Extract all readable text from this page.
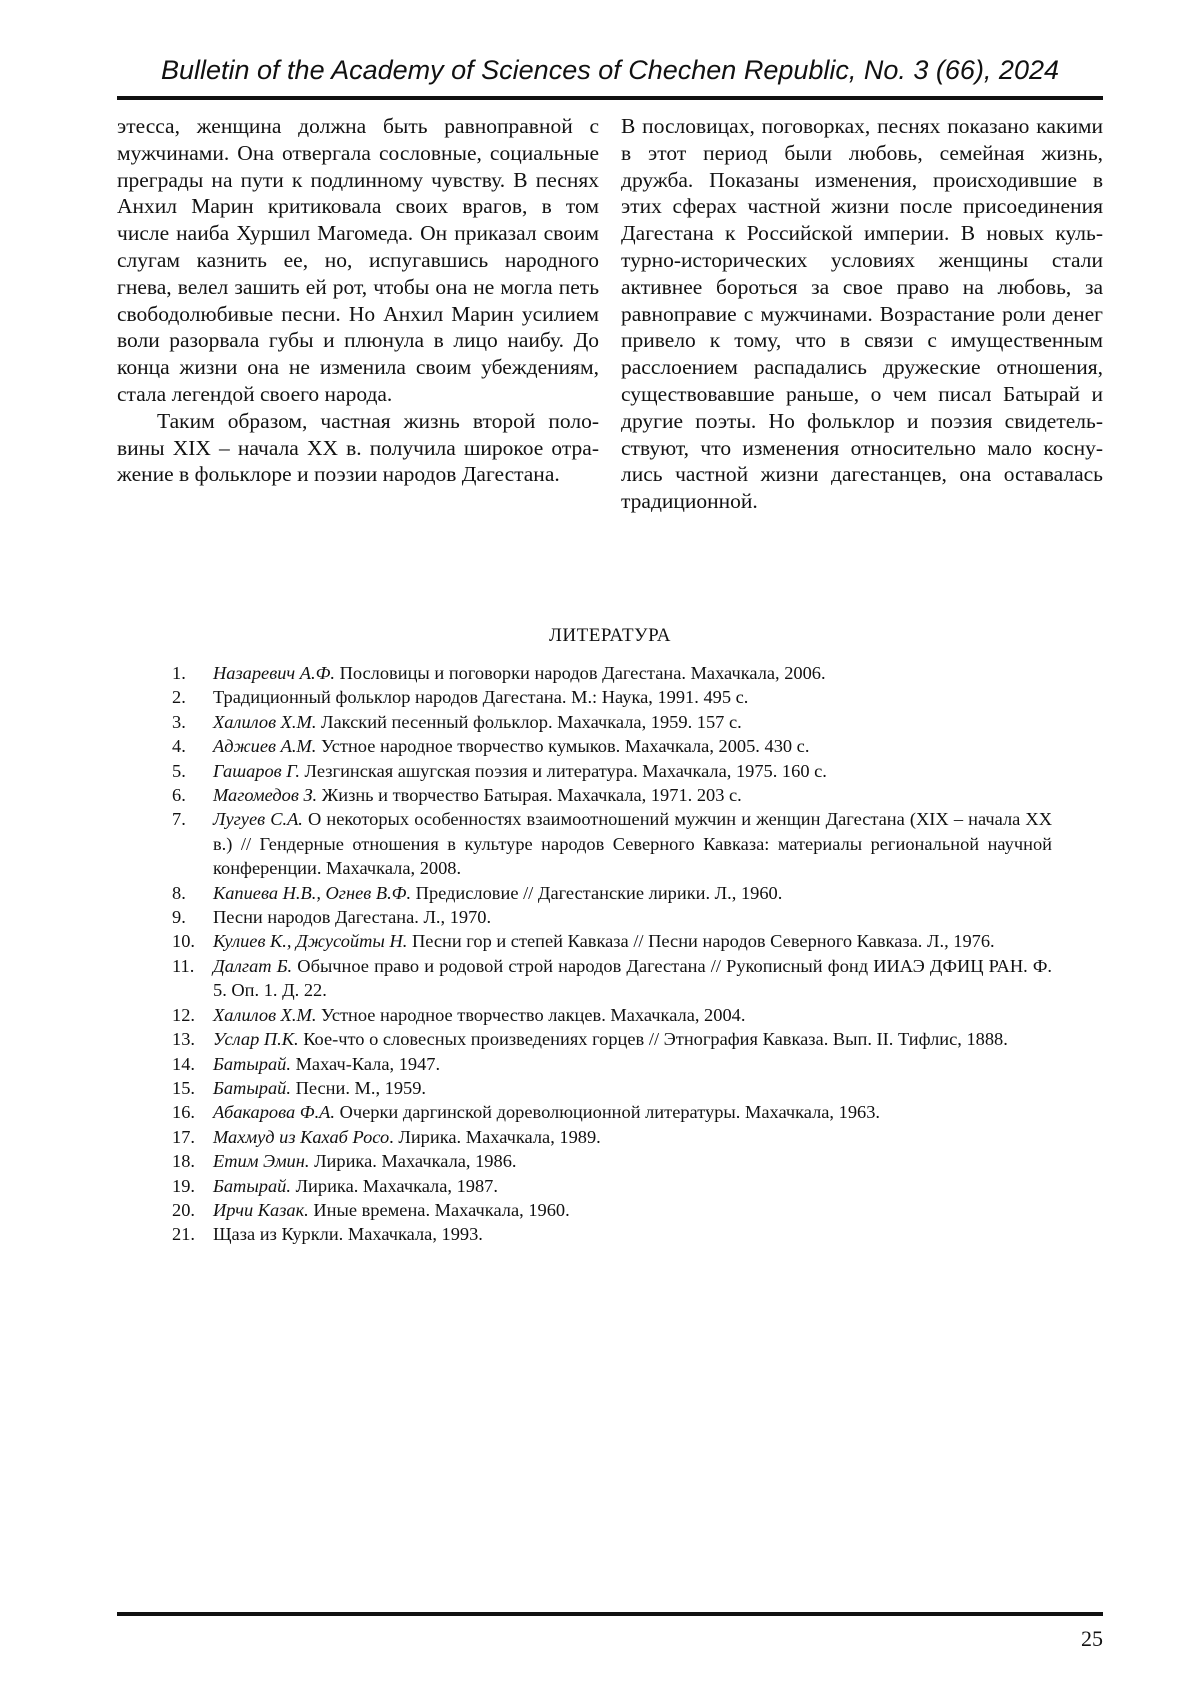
Bulletin of the Academy of Sciences of Chechen Republic, No. 3 (66), 2024

этесса, женщина должна быть равноправной с мужчинами. Она отвергала сословные, социальные преграды на пути к подлинному чувству. В песнях Анхил Марин критиковала своих врагов, в том числе наиба Хуршил Магомеда. Он приказал своим слугам казнить ее, но, испугавшись народного гнева, велел зашить ей рот, чтобы она не могла петь свободолюбивые песни. Но Анхил Марин усилием воли разорвала губы и плюнула в лицо наибу. До конца жизни она не изменила своим убеждениям, стала легендой своего народа.

Таким образом, частная жизнь второй половины XIX – начала XX в. получила широкое отражение в фольклоре и поэзии народов Дагестана.

В пословицах, поговорках, песнях показано какими в этот период были любовь, семейная жизнь, дружба. Показаны изменения, происходившие в этих сферах частной жизни после присоединения Дагестана к Российской империи. В новых культурно-исторических условиях женщины стали активнее бороться за свое право на любовь, за равноправие с мужчинами. Возрастание роли денег привело к тому, что в связи с имущественным расслоением распадались дружеские отношения, существовавшие раньше, о чем писал Батырай и другие поэты. Но фольклор и поэзия свидетельствуют, что изменения относительно мало коснулись частной жизни дагестанцев, она оставалась традиционной.

ЛИТЕРАТУРА
1.	Назаревич А.Ф. Пословицы и поговорки народов Дагестана. Махачкала, 2006.
2.	Традиционный фольклор народов Дагестана. М.: Наука, 1991. 495 с.
3.	Халилов Х.М. Лакский песенный фольклор. Махачкала, 1959. 157 с.
4.	Аджиев А.М. Устное народное творчество кумыков. Махачкала, 2005. 430 с.
5.	Гашаров Г. Лезгинская ашугская поэзия и литература. Махачкала, 1975. 160 с.
6.	Магомедов З. Жизнь и творчество Батырая. Махачкала, 1971. 203 с.
7.	Лугуев С.А. О некоторых особенностях взаимоотношений мужчин и женщин Дагестана (XIX – начала XX в.) // Гендерные отношения в культуре народов Северного Кавказа: материалы региональной научной конференции. Махачкала, 2008.
8.	Капиева Н.В., Огнев В.Ф. Предисловие // Дагестанские лирики. Л., 1960.
9.	Песни народов Дагестана. Л., 1970.
10. Кулиев К., Джусойты Н. Песни гор и степей Кавказа // Песни народов Северного Кавказа. Л., 1976.
11.	Далгат Б. Обычное право и родовой строй народов Дагестана // Рукописный фонд ИИАЭ ДФИЦ РАН. Ф. 5. Оп. 1. Д. 22.
12. Халилов Х.М. Устное народное творчество лакцев. Махачкала, 2004.
13. Услар П.К. Кое-что о словесных произведениях горцев // Этнография Кавказа. Вып. II. Тифлис, 1888.
14. Батырай. Махач-Кала, 1947.
15. Батырай. Песни. М., 1959.
16. Абакарова Ф.А. Очерки даргинской дореволюционной литературы. Махачкала, 1963.
17. Махмуд из Кахаб Росо. Лирика. Махачкала, 1989.
18. Етим Эмин. Лирика. Махачкала, 1986.
19. Батырай. Лирика. Махачкала, 1987.
20. Ирчи Казак. Иные времена. Махачкала, 1960.
21. Щаза из Куркли. Махачкала, 1993.
25
